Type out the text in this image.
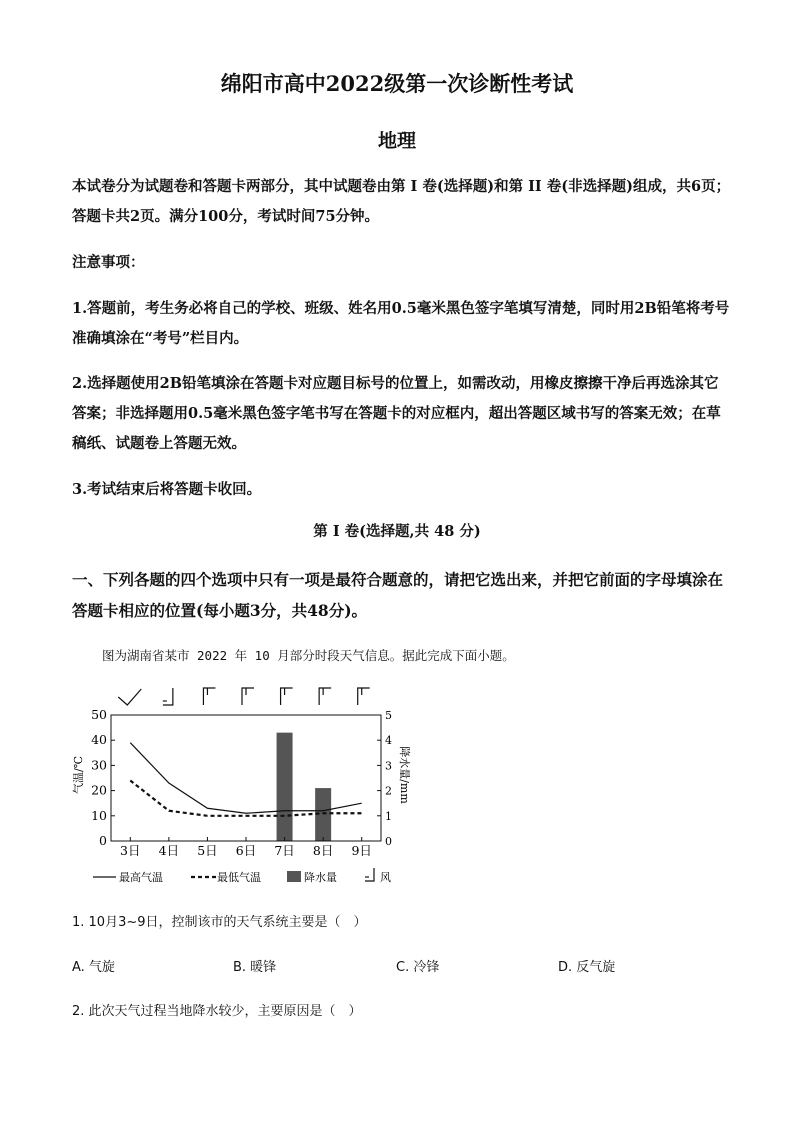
绵阳市高中2022级第一次诊断性考试
地理
本试卷分为试题卷和答题卡两部分，其中试题卷由第 I 卷(选择题)和第 II 卷(非选择题)组成，共6页；答题卡共2页。满分100分，考试时间75分钟。
注意事项：
1.答题前，考生务必将自己的学校、班级、姓名用0.5毫米黑色签字笔填写清楚，同时用2B铅笔将考号准确填涂在“考号”栏目内。
2.选择题使用2B铅笔填涂在答题卡对应题目标号的位置上，如需改动，用橡皮擦擦干净后再选涂其它答案；非选择题用0.5毫米黑色签字笔书写在答题卡的对应框内，超出答题区域书写的答案无效；在草稿纸、试题卷上答题无效。
3.考试结束后将答题卡收回。
第 I 卷(选择题,共 48 分)
一、下列各题的四个选项中只有一项是最符合题意的，请把它选出来，并把它前面的字母填涂在答题卡相应的位置(每小题3分，共48分)。
图为湖南省某市 2022 年 10 月部分时段天气信息。据此完成下面小题。
0
10
20
30
40
50
0
1
2
3
4
5
3日 4日 5日 6日 7日 8日 9日
气温/℃	降水量/mm
最高气温	最低气温	降水量	风
1. 10月3~9日，控制该市的天气系统主要是（　）
A. 气旋	B. 暖锋	C. 冷锋	D. 反气旋
2. 此次天气过程当地降水较少，主要原因是（　）
